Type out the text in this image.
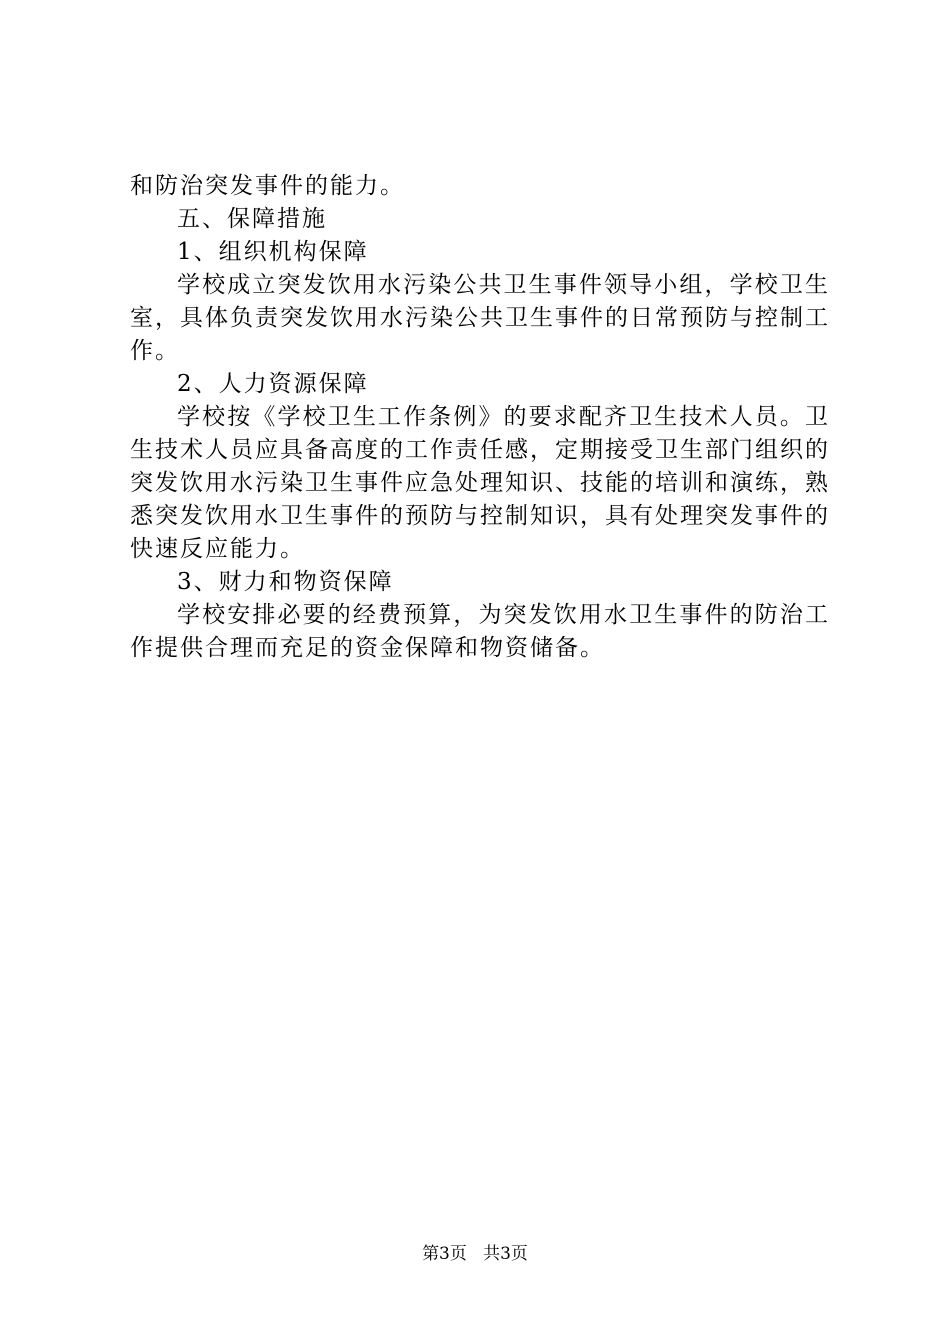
和防治突发事件的能力。

五、保障措施

1、组织机构保障

学校成立突发饮用水污染公共卫生事件领导小组，学校卫生室，具体负责突发饮用水污染公共卫生事件的日常预防与控制工作。

2、人力资源保障

学校按《学校卫生工作条例》的要求配齐卫生技术人员。卫生技术人员应具备高度的工作责任感，定期接受卫生部门组织的突发饮用水污染卫生事件应急处理知识、技能的培训和演练，熟悉突发饮用水卫生事件的预防与控制知识，具有处理突发事件的快速反应能力。

3、财力和物资保障

学校安排必要的经费预算，为突发饮用水卫生事件的防治工作提供合理而充足的资金保障和物资储备。

第3页 共3页
